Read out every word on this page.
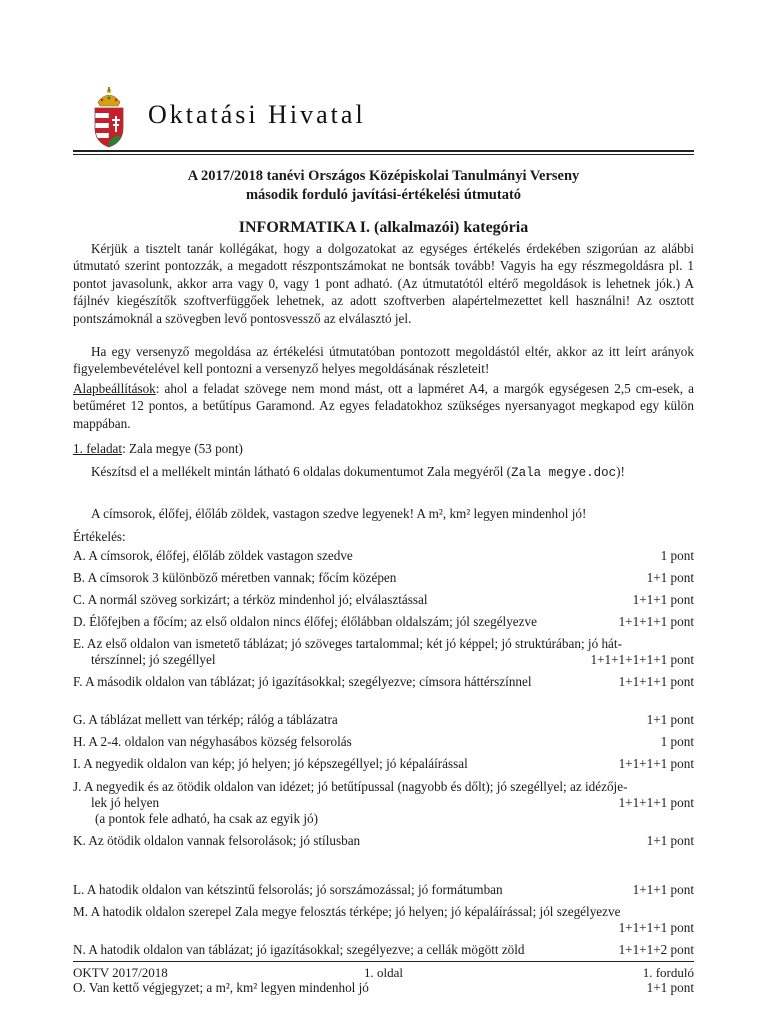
Oktatási Hivatal
A 2017/2018 tanévi Országos Középiskolai Tanulmányi Verseny
második forduló javítási-értékelési útmutató
INFORMATIKA I. (alkalmazói) kategória

Kérjük a tisztelt tanár kollégákat, hogy a dolgozatokat az egységes értékelés érdekében szigorúan az alábbi útmutató szerint pontozzák, a megadott részpontszámokat ne bontsák tovább! Vagyis ha egy részmegoldásra pl. 1 pontot javasolunk, akkor arra vagy 0, vagy 1 pont adható. (Az útmutatótól eltérő megoldások is lehetnek jók.) A fájlnév kiegészítők szoftverfüggőek lehetnek, az adott szoftverben alapértelmezettet kell használni! Az osztott pontszámoknál a szövegben levő pontosvessző az elválasztó jel.

Ha egy versenyző megoldása az értékelési útmutatóban pontozott megoldástól eltér, akkor az itt leírt arányok figyelembevételével kell pontozni a versenyző helyes megoldásának részleteit!

Alapbeállítások: ahol a feladat szövege nem mond mást, ott a lapméret A4, a margók egységesen 2,5 cm-esek, a betűméret 12 pontos, a betűtípus Garamond. Az egyes feladatokhoz szükséges nyersanyagot megkapod egy külön mappában.

1. feladat: Zala megye (53 pont)

Készítsd el a mellékelt mintán látható 6 oldalas dokumentumot Zala megyéről (Zala megye.doc)!

A címsorok, élőfej, élőláb zöldek, vastagon szedve legyenek! A m², km² legyen mindenhol jó!

Értékelés:

A. A címsorok, élőfej, élőláb zöldek vastagon szedve	1 pont
B. A címsorok 3 különböző méretben vannak; főcím középen	1+1 pont
C. A normál szöveg sorkizárt; a térköz mindenhol jó; elválasztással	1+1+1 pont
D. Élőfejben a főcím; az első oldalon nincs élőfej; élőlábban oldalszám; jól szegélyezve	1+1+1+1 pont
E. Az első oldalon van ismetető táblázat; jó szöveges tartalommal; két jó képpel; jó struktúrában; jó hát-
térszínnel; jó szegéllyel	1+1+1+1+1+1 pont
F. A második oldalon van táblázat; jó igazításokkal; szegélyezve; címsora háttérszínnel	1+1+1+1 pont
G. A táblázat mellett van térkép; rálóg a táblázatra	1+1 pont
H. A 2-4. oldalon van négyhasábos község felsorolás	1 pont
I. A negyedik oldalon van kép; jó helyen; jó képszegéllyel; jó képaláírással	1+1+1+1 pont
J. A negyedik és az ötödik oldalon van idézet; jó betűtípussal (nagyobb és dőlt); jó szegéllyel; az idézője-
lek jó helyen
(a pontok fele adható, ha csak az egyik jó)
1+1+1+1 pont
K. Az ötödik oldalon vannak felsorolások; jó stílusban	1+1 pont
L. A hatodik oldalon van kétszintű felsorolás; jó sorszámozással; jó formátumban	1+1+1 pont
M. A hatodik oldalon szerepel Zala megye felosztás térképe; jó helyen; jó képaláírással; jól szegélyezve
1+1+1+1 pont
N. A hatodik oldalon van táblázat; jó igazításokkal; szegélyezve; a cellák mögött zöld	1+1+1+2 pont
O. Van kettő végjegyzet; a m², km² legyen mindenhol jó	1+1 pont
OKTV 2017/2018	1. oldal	1. forduló
